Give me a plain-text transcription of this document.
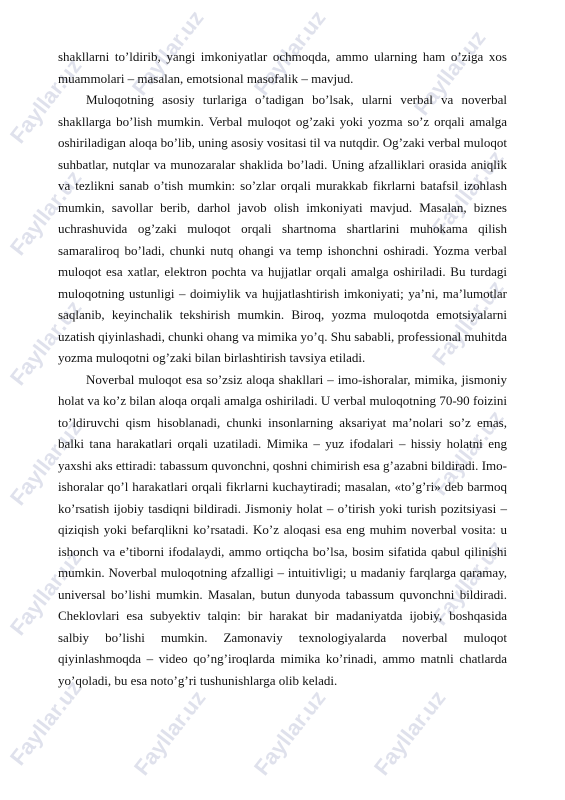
Fayllar.uz
Fayllar.uz Fayllar.uz	Fayllar.uz
Fayllar.uz	Fayllar.uz
Fayllar.uz	Fayllar.uz
Fayllar.uz	Fayllar.uz
Fayllar.uz	Fayllar.uz
Fayllar.uz Fayllar.uz Fayllar.uz Fayllar.uz

shakllarni to’ldirib, yangi imkoniyatlar ochmoqda, ammo ularning ham o’ziga xos muammolari – masalan, emotsional masofalik – mavjud.

Muloqotning asosiy turlariga o’tadigan bo’lsak, ularni verbal va noverbal shakllarga bo’lish mumkin. Verbal muloqot og’zaki yoki yozma so’z orqali amalga oshiriladigan aloqa bo’lib, uning asosiy vositasi til va nutqdir. Og’zaki verbal muloqot suhbatlar, nutqlar va munozaralar shaklida bo’ladi. Uning afzalliklari orasida aniqlik va tezlikni sanab o’tish mumkin: so’zlar orqali murakkab fikrlarni batafsil izohlash mumkin, savollar berib, darhol javob olish imkoniyati mavjud. Masalan, biznes uchrashuvida og’zaki muloqot orqali shartnoma shartlarini muhokama qilish samaraliroq bo’ladi, chunki nutq ohangi va temp ishonchni oshiradi. Yozma verbal muloqot esa xatlar, elektron pochta va hujjatlar orqali amalga oshiriladi. Bu turdagi muloqotning ustunligi – doimiylik va hujjatlashtirish imkoniyati; ya’ni, ma’lumotlar saqlanib, keyinchalik tekshirish mumkin. Biroq, yozma muloqotda emotsiyalarni uzatish qiyinlashadi, chunki ohang va mimika yo’q. Shu sababli, professional muhitda yozma muloqotni og’zaki bilan birlashtirish tavsiya etiladi.

Noverbal muloqot esa so’zsiz aloqa shakllari – imo-ishoralar, mimika, jismoniy holat va ko’z bilan aloqa orqali amalga oshiriladi. U verbal muloqotning 70-90 foizini to’ldiruvchi qism hisoblanadi, chunki insonlarning aksariyat ma’nolari so’z emas, balki tana harakatlari orqali uzatiladi. Mimika – yuz ifodalari – hissiy holatni eng yaxshi aks ettiradi: tabassum quvonchni, qoshni chimirish esa g’azabni bildiradi. Imo-ishoralar qo’l harakatlari orqali fikrlarni kuchaytiradi; masalan, «to’g’ri» deb barmoq ko’rsatish ijobiy tasdiqni bildiradi. Jismoniy holat – o’tirish yoki turish pozitsiyasi – qiziqish yoki befarqlikni ko’rsatadi. Ko’z aloqasi esa eng muhim noverbal vosita: u ishonch va e’tiborni ifodalaydi, ammo ortiqcha bo’lsa, bosim sifatida qabul qilinishi mumkin. Noverbal muloqotning afzalligi – intuitivligi; u madaniy farqlarga qaramay, universal bo’lishi mumkin. Masalan, butun dunyoda tabassum quvonchni bildiradi. Cheklovlari esa subyektiv talqin: bir harakat bir madaniyatda ijobiy, boshqasida salbiy bo’lishi mumkin. Zamonaviy texnologiyalarda noverbal muloqot qiyinlashmoqda – video qo’ng’iroqlarda mimika ko’rinadi, ammo matnli chatlarda yo’qoladi, bu esa noto’g’ri tushunishlarga olib keladi.
